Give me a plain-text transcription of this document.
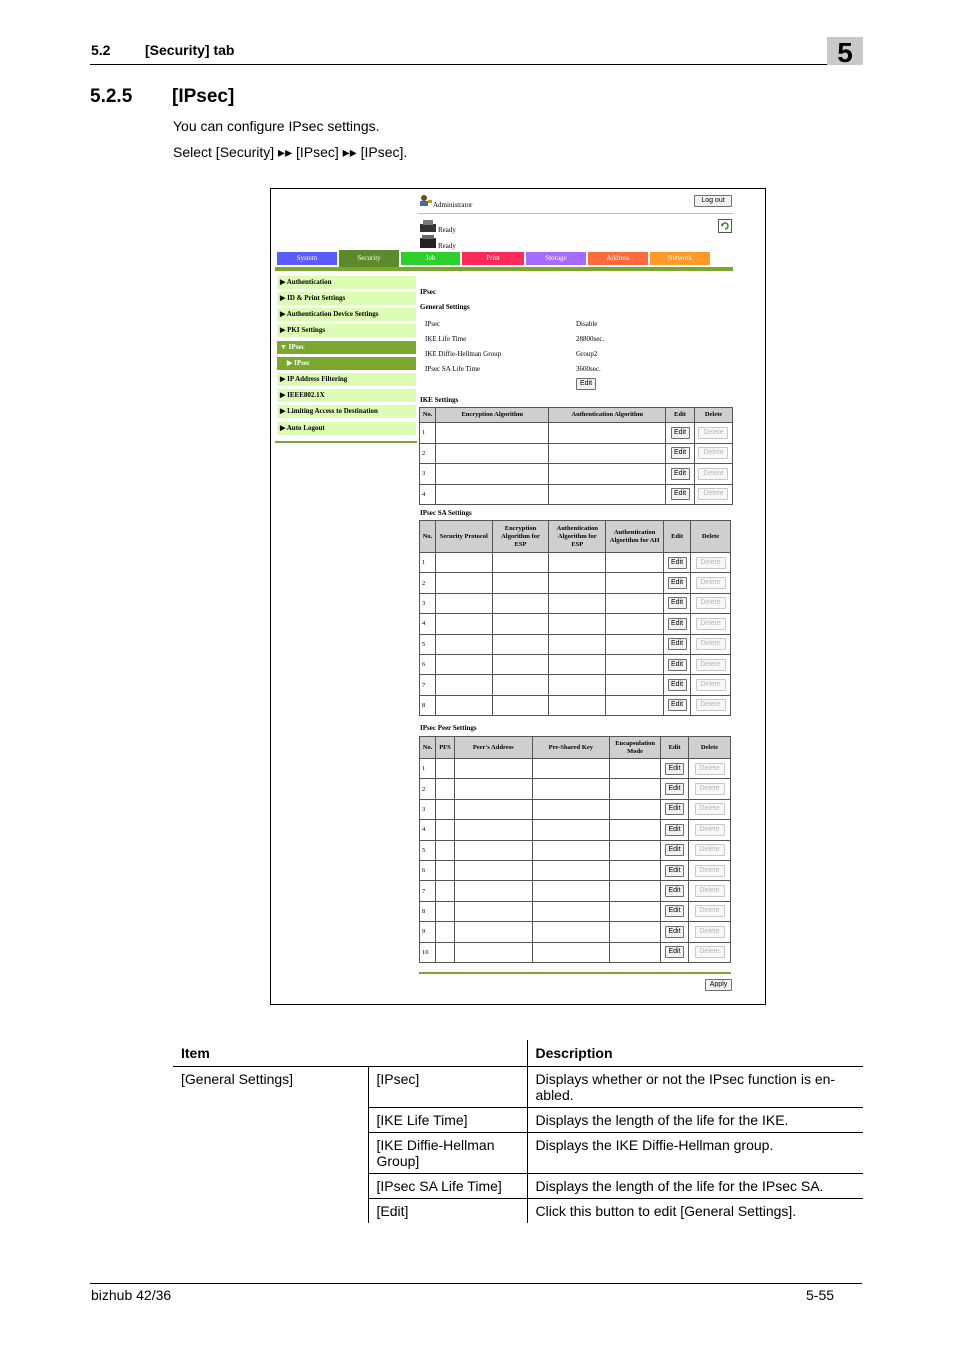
5.2 [Security] tab	5
5.2.5 [IPsec]
You can configure IPsec settings.
Select [Security] ▸▸ [IPsec] ▸▸ [IPsec].
Administrator
Log out
Ready
Ready
System	Security	Job	Print	Storage	Address	Network
▶ Authentication
▶ ID & Print Settings
▶ Authentication Device Settings
▶ PKI Settings
▼ IPsec
▶ IPsec
▶ IP Address Filtering
▶ IEEE802.1X
▶ Limiting Access to Destination
▶ Auto Logout
IPsec
General Settings
IPsec	Disable
IKE Life Time	28800sec.
IKE Diffie-Hellman Group	Group2
IPsec SA Life Time	3600sec.
Edit
IKE Settings
No.	Encryption Algorithm	Authentication Algorithm	Edit	Delete
1			Edit	Delete

2			Edit	Delete

3			Edit	Delete

4			Edit	Delete
IPsec SA Settings
No.	Security Protocol	Encryption Algorithm for ESP	Authentication Algorithm for ESP	Authentication Algorithm for AH	Edit	Delete
1					Edit	Delete

2					Edit	Delete

3					Edit	Delete

4					Edit	Delete

5					Edit	Delete

6					Edit	Delete

7					Edit	Delete

8					Edit	Delete
IPsec Peer Settings
No.	PFS	Peer's Address	Pre-Shared Key	Encapsulation Mode	Edit	Delete
1					Edit	Delete

2					Edit	Delete

3					Edit	Delete

4					Edit	Delete

5					Edit	Delete

6					Edit	Delete

7					Edit	Delete

8					Edit	Delete

9					Edit	Delete

10					Edit	Delete
Apply
Item		Description
[General Settings]	[IPsec]	Displays whether or not the IPsec function is en-abled.
	[IKE Life Time]	Displays the length of the life for the IKE.
	[IKE Diffie-Hellman Group]	Displays the IKE Diffie-Hellman group.
	[IPsec SA Life Time]	Displays the length of the life for the IPsec SA.
	[Edit]	Click this button to edit [General Settings].
bizhub 42/36	5-55
